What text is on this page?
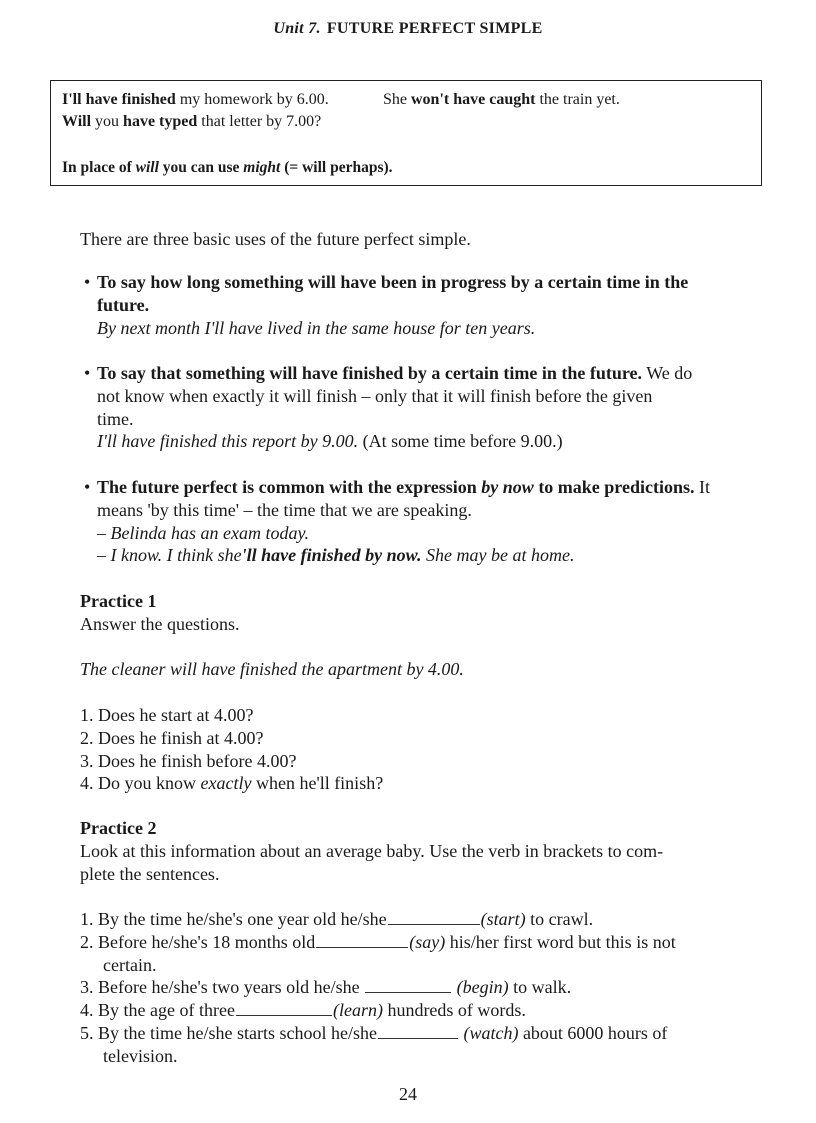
Unit 7. FUTURE PERFECT SIMPLE
I'll have finished my homework by 6.00.	She won't have caught the train yet.
Will you have typed that letter by 7.00?
In place of will you can use might (= will perhaps).
There are three basic uses of the future perfect simple.
• To say how long something will have been in progress by a certain time in the
future.
By next month I'll have lived in the same house for ten years.
• To say that something will have finished by a certain time in the future. We do
not know when exactly it will finish – only that it will finish before the given
time.
I'll have finished this report by 9.00. (At some time before 9.00.)
• The future perfect is common with the expression by now to make predictions. It
means 'by this time' – the time that we are speaking.
– Belinda has an exam today.
– I know. I think she'll have finished by now. She may be at home.
Practice 1
Answer the questions.
The cleaner will have finished the apartment by 4.00.
1. Does he start at 4.00?
2. Does he finish at 4.00?
3. Does he finish before 4.00?
4. Do you know exactly when he'll finish?
Practice 2
Look at this information about an average baby. Use the verb in brackets to com-
plete the sentences.
1. By the time he/she's one year old he/she	(start) to crawl.
2. Before he/she's 18 months old	(say) his/her first word but this is not
certain.
3. Before he/she's two years old he/she	(begin) to walk.
4. By the age of three	(learn) hundreds of words.
5. By the time he/she starts school he/she	(watch) about 6000 hours of
television.
24
